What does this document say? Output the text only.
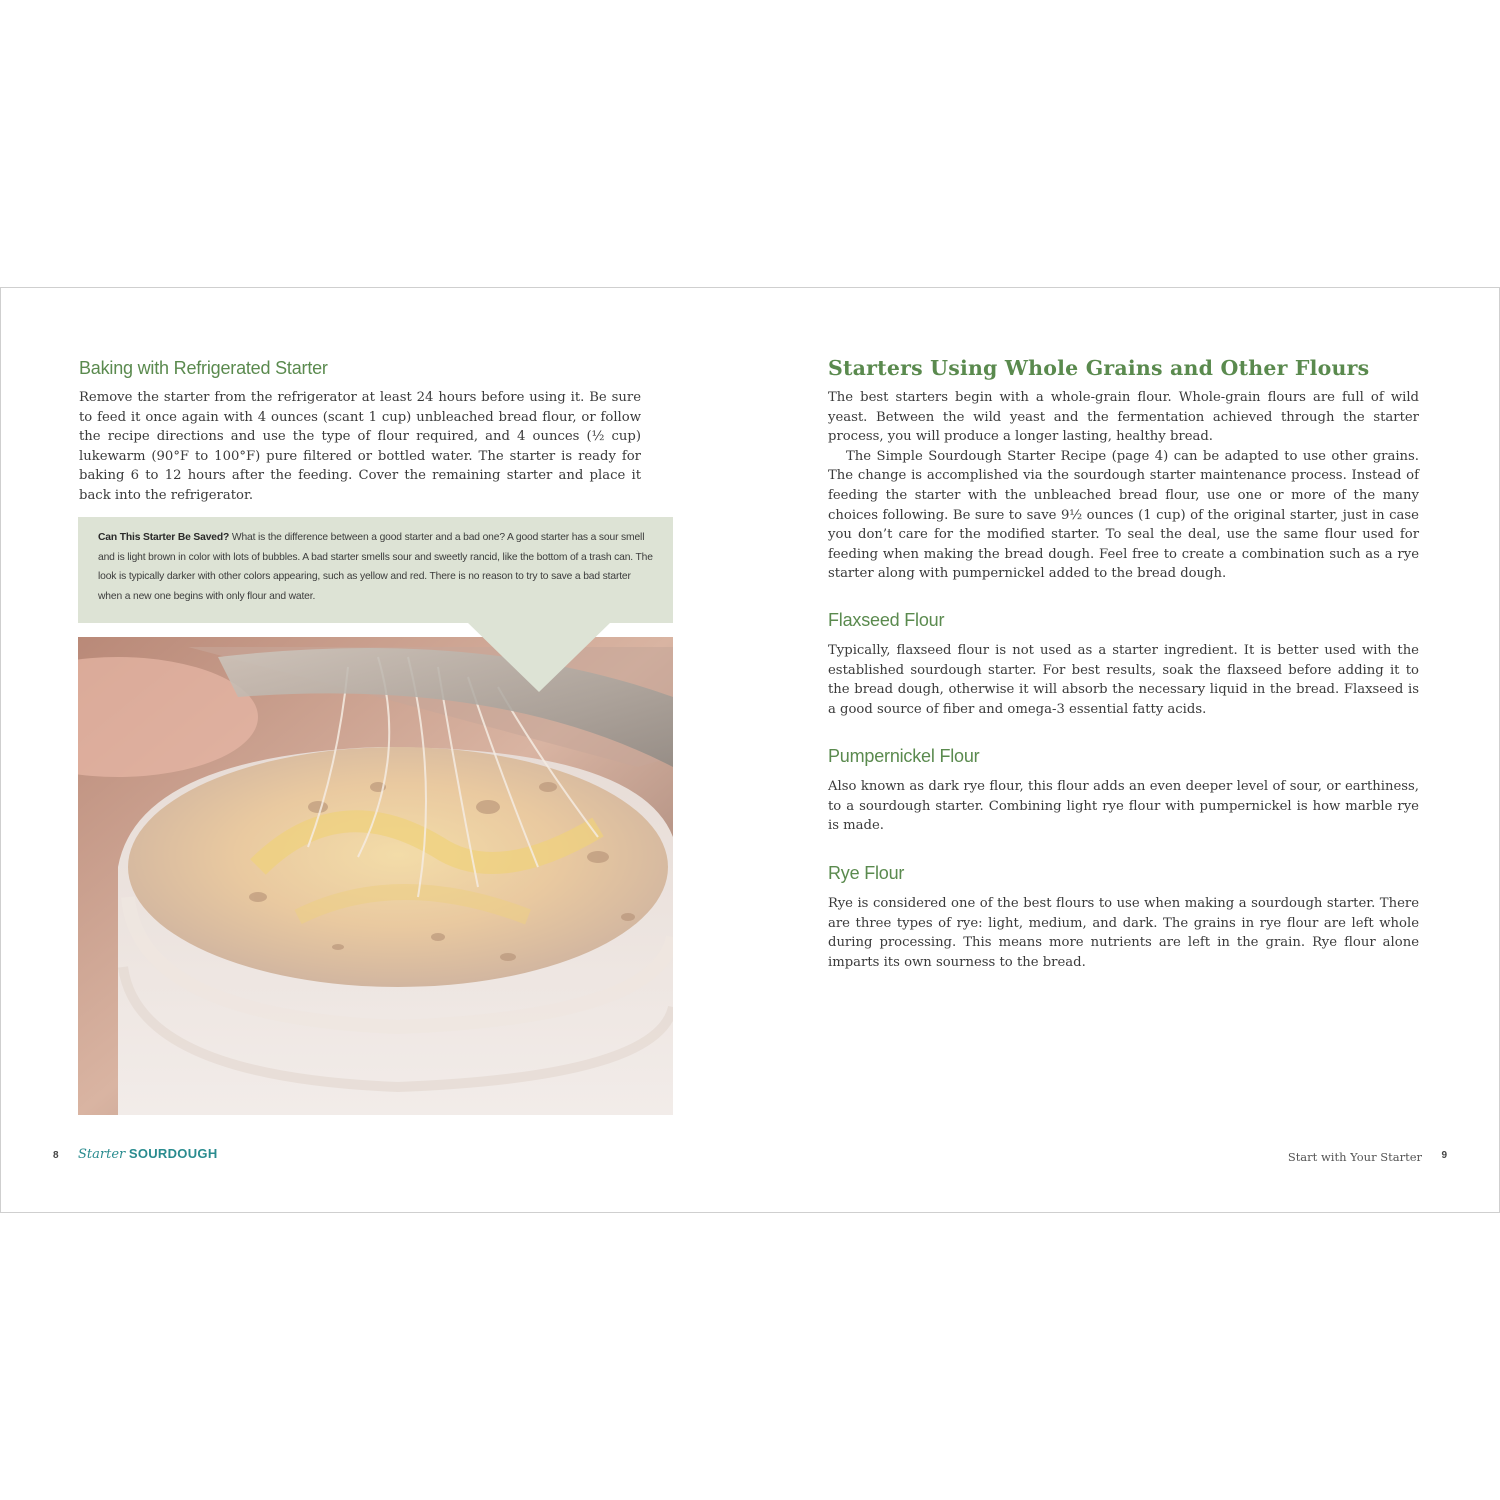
Baking with Refrigerated Starter

Remove the starter from the refrigerator at least 24 hours before using it. Be sure to feed it once again with 4 ounces (scant 1 cup) unbleached bread flour, or follow the recipe directions and use the type of flour required, and 4 ounces (½ cup) lukewarm (90°F to 100°F) pure filtered or bottled water. The starter is ready for baking 6 to 12 hours after the feeding. Cover the remaining starter and place it back into the refrigerator.

Can This Starter Be Saved? What is the difference between a good starter and a bad one? A good starter has a sour smell and is light brown in color with lots of bubbles. A bad starter smells sour and sweetly rancid, like the bottom of a trash can. The look is typically darker with other colors appearing, such as yellow and red. There is no reason to try to save a bad starter when a new one begins with only flour and water.
8 Starter SOURDOUGH
Starters Using Whole Grains and Other Flours

The best starters begin with a whole-grain flour. Whole-grain flours are full of wild yeast. Between the wild yeast and the fermentation achieved through the starter process, you will produce a longer lasting, healthy bread.

The Simple Sourdough Starter Recipe (page 4) can be adapted to use other grains. The change is accomplished via the sourdough starter maintenance process. Instead of feeding the starter with the unbleached bread flour, use one or more of the many choices following. Be sure to save 9½ ounces (1 cup) of the original starter, just in case you don’t care for the modified starter. To seal the deal, use the same flour used for feeding when making the bread dough. Feel free to create a combination such as a rye starter along with pumpernickel added to the bread dough.

Flaxseed Flour

Typically, flaxseed flour is not used as a starter ingredient. It is better used with the established sourdough starter. For best results, soak the flaxseed before adding it to the bread dough, otherwise it will absorb the necessary liquid in the bread. Flaxseed is a good source of fiber and omega-3 essential fatty acids.

Pumpernickel Flour

Also known as dark rye flour, this flour adds an even deeper level of sour, or earthiness, to a sourdough starter. Combining light rye flour with pumpernickel is how marble rye is made.

Rye Flour

Rye is considered one of the best flours to use when making a sourdough starter. There are three types of rye: light, medium, and dark. The grains in rye flour are left whole during processing. This means more nutrients are left in the grain. Rye flour alone imparts its own sourness to the bread.

Start with Your Starter 9
